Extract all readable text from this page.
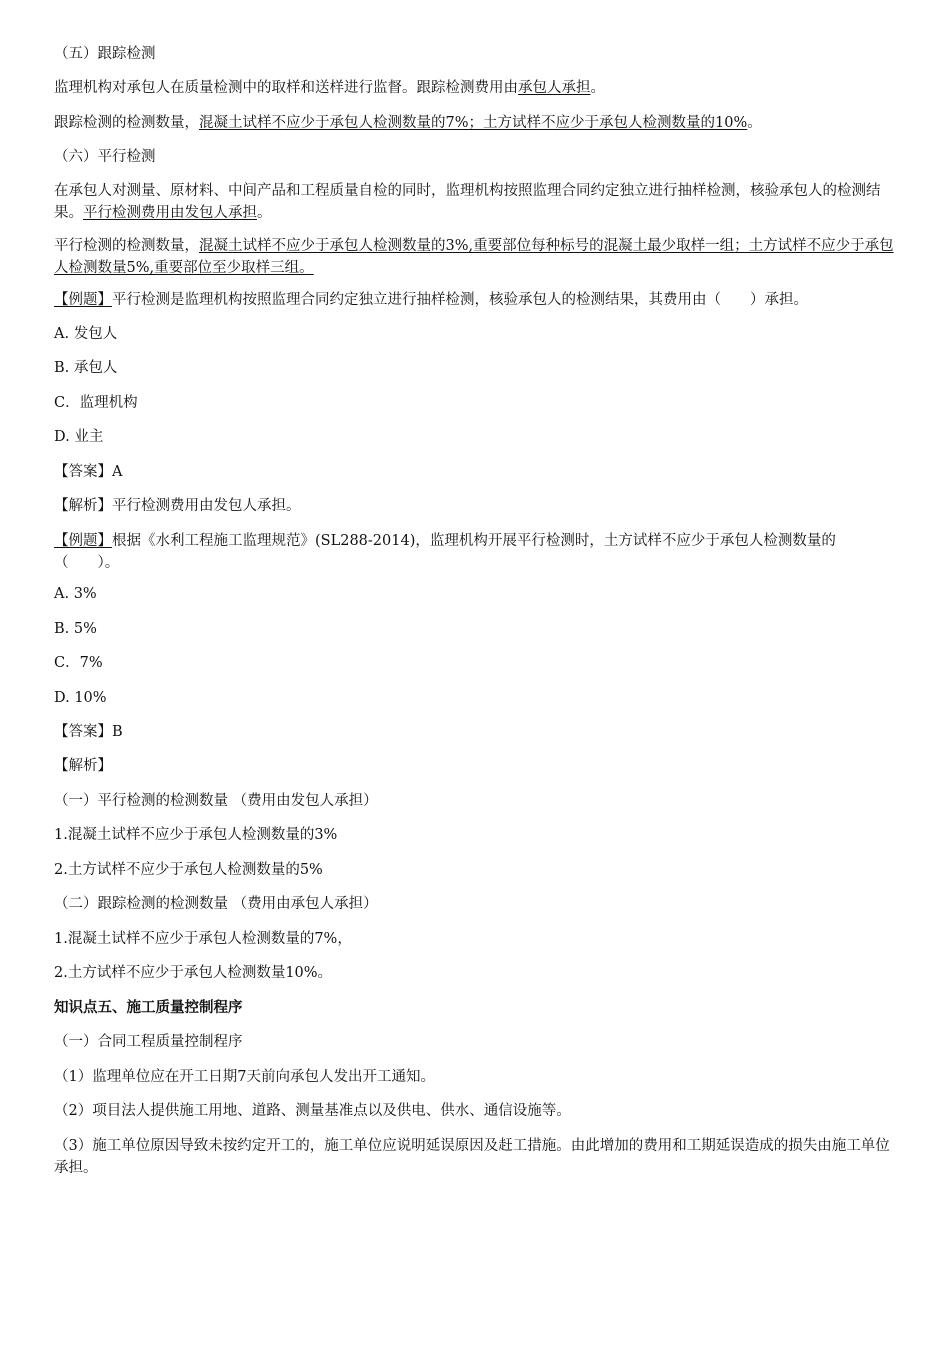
（五）跟踪检测
监理机构对承包人在质量检测中的取样和送样进行监督。跟踪检测费用由承包人承担。
跟踪检测的检测数量，混凝土试样不应少于承包人检测数量的7%；土方试样不应少于承包人检测数量的10%。
（六）平行检测
在承包人对测量、原材料、中间产品和工程质量自检的同时，监理机构按照监理合同约定独立进行抽样检测，核验承包人的检测结果。平行检测费用由发包人承担。
平行检测的检测数量，混凝土试样不应少于承包人检测数量的3%,重要部位每种标号的混凝土最少取样一组；土方试样不应少于承包人检测数量5%,重要部位至少取样三组。
【例题】平行检测是监理机构按照监理合同约定独立进行抽样检测，核验承包人的检测结果，其费用由（　　）承担。
A. 发包人
B. 承包人
C．监理机构
D. 业主
【答案】A
【解析】平行检测费用由发包人承担。
【例题】根据《水利工程施工监理规范》(SL288-2014)，监理机构开展平行检测时，土方试样不应少于承包人检测数量的（　　）。
A. 3%
B. 5%
C．7%
D. 10%
【答案】B
【解析】
（一）平行检测的检测数量 （费用由发包人承担）
1.混凝土试样不应少于承包人检测数量的3%
2.土方试样不应少于承包人检测数量的5%
（二）跟踪检测的检测数量 （费用由承包人承担）
1.混凝土试样不应少于承包人检测数量的7%，
2.土方试样不应少于承包人检测数量10%。
知识点五、施工质量控制程序
（一）合同工程质量控制程序
（1）监理单位应在开工日期7天前向承包人发出开工通知。
（2）项目法人提供施工用地、道路、测量基准点以及供电、供水、通信设施等。
（3）施工单位原因导致未按约定开工的，施工单位应说明延误原因及赶工措施。由此增加的费用和工期延误造成的损失由施工单位承担。
